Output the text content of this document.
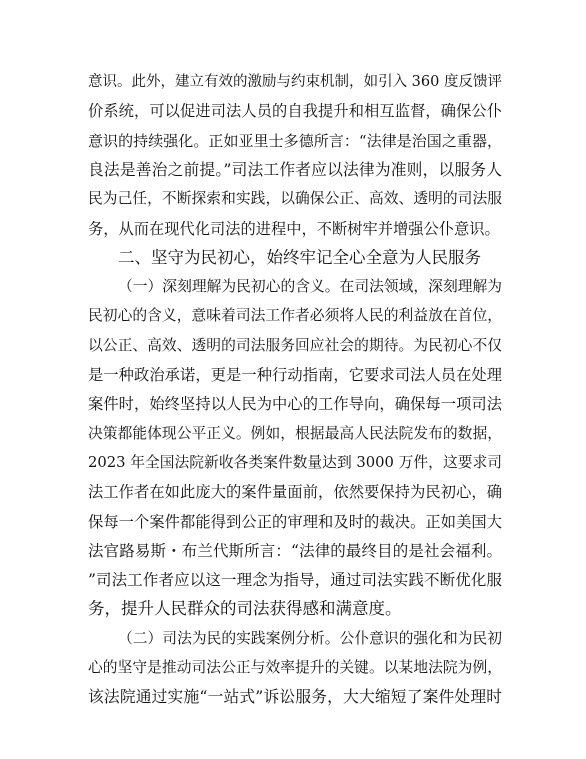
意识。此外，建立有效的激励与约束机制，如引入 360 度反馈评
价系统，可以促进司法人员的自我提升和相互监督，确保公仆
意识的持续强化。正如亚里士多德所言：“法律是治国之重器，
良法是善治之前提。”司法工作者应以法律为准则，以服务人
民为己任，不断探索和实践，以确保公正、高效、透明的司法服
务，从而在现代化司法的进程中，不断树牢并增强公仆意识。
二、坚守为民初心，始终牢记全心全意为人民服务
（一）深刻理解为民初心的含义。在司法领域，深刻理解为
民初心的含义，意味着司法工作者必须将人民的利益放在首位，
以公正、高效、透明的司法服务回应社会的期待。为民初心不仅
是一种政治承诺，更是一种行动指南，它要求司法人员在处理
案件时，始终坚持以人民为中心的工作导向，确保每一项司法
决策都能体现公平正义。例如，根据最高人民法院发布的数据，
2023 年全国法院新收各类案件数量达到 3000 万件，这要求司
法工作者在如此庞大的案件量面前，依然要保持为民初心，确
保每一个案件都能得到公正的审理和及时的裁决。正如美国大
法官路易斯・布兰代斯所言：“法律的最终目的是社会福利。
”司法工作者应以这一理念为指导，通过司法实践不断优化服
务，提升人民群众的司法获得感和满意度。
（二）司法为民的实践案例分析。公仆意识的强化和为民初
心的坚守是推动司法公正与效率提升的关键。以某地法院为例，
该法院通过实施“一站式”诉讼服务，大大缩短了案件处理时
